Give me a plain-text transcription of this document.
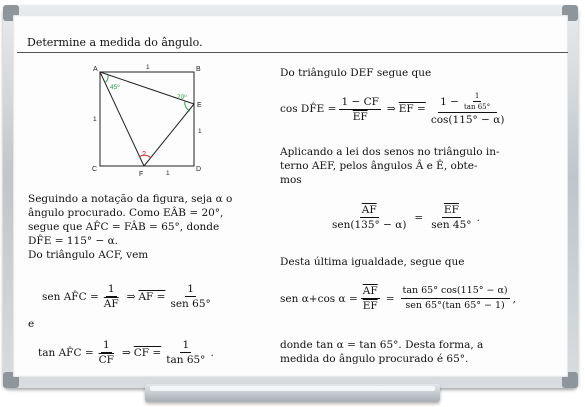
Determine a medida do ângulo.
A	B
C	D
E
F
45º
70º
?
1
1
1
1
Seguindo a notação da figura, seja α o
ângulo procurado. Como EÂB = 20°,
segue que AF̂C = FÂB = 65°, donde
DF̂E = 115° − α.
Do triângulo ACF, vem
sen AF̂C = $\frac{1}{AF}$ ⇒ AF = $\frac{1}{\text{sen 65°}}$
e
tan AF̂C = $\frac{1}{CF}$ ⇒ CF = $\frac{1}{\tan 65^\circ}$ .
Do triângulo DEF segue que
cos DF̂E = $\frac{1 - CF}{EF}$ ⇒ EF = $\frac{1 - \frac{1}{\tan 65^\circ}}{\cos(115^\circ - \alpha)}$
Aplicando a lei dos senos no triângulo in-
terno AEF, pelos ângulos Â e Ê, obte-
mos
$\frac{\overline{AF}}{\text{sen(135° − α)}} = \frac{\overline{EF}}{\text{sen 45°}}$ .
Desta última igualdade, segue que
sen α+cos $\alpha = \frac{\overline{AF}}{EF} = \frac{\tan 65^\circ \cos(115^\circ - \alpha)}{\text{sen 65°(tan 65° − 1)}}$ ,
donde tan α = tan 65°. Desta forma, a
medida do ângulo procurado é 65°.
